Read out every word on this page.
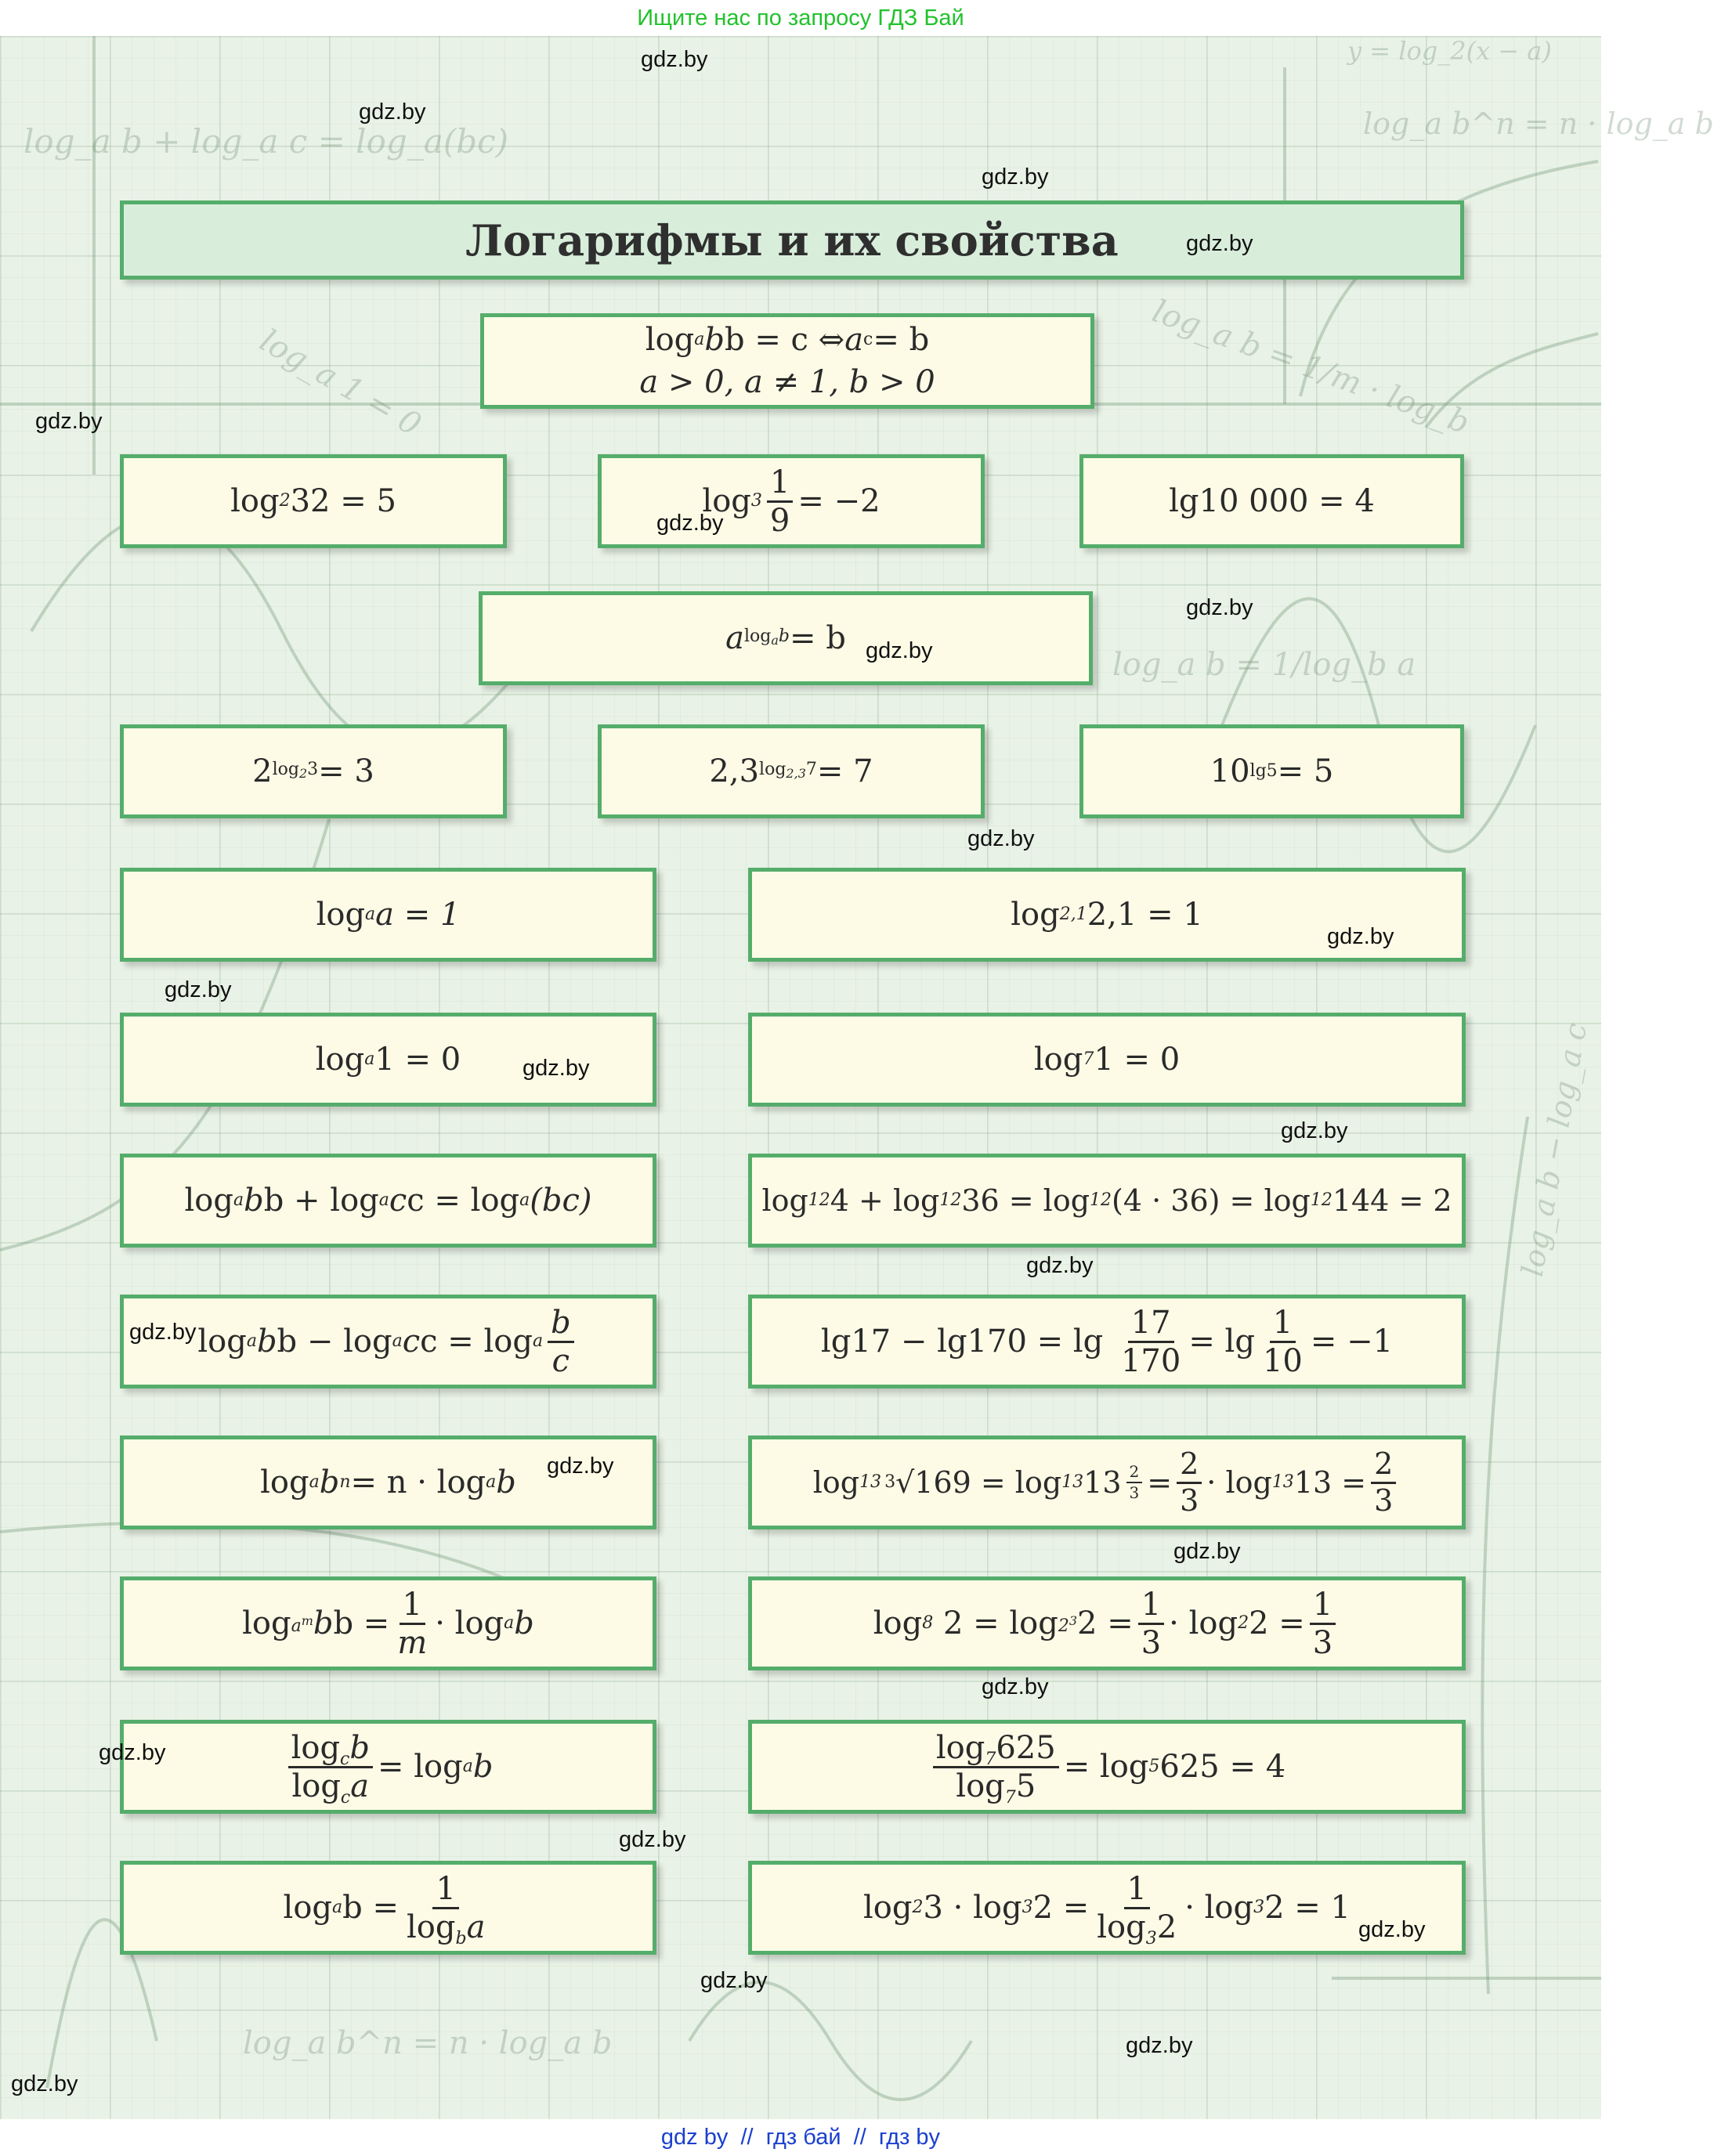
Ищите нас по запросу ГДЗ Бай
log_a b + log_a c = log_a(bc)	log_a b^n = n · log_a b
log_a 1 = 0	log_a b = 1/m · log_b
log_a b = 1/log_b a
log_a b^n = n · log_a b
y = log_2(x − a)
log_a b − log_a c
Логарифмы и их свойства
log a b b = c ⇔ a c = b
a > 0, a ≠ 1, b > 0
log 2 32 = 5	$\log 3 \frac{1}{9} = -2$	lg10 000 = 4
a $\log_ab = b$
2 $\log_23 = 3$	2,3 $\log_{2,3}7 = 7$	10 lg5 = 5
log a a = 1	log 2,1 2,1 = 1
log a 1 = 0	log 7 1 = 0
log a b b + log a c c = log a (bc)	log 12 4 + log 12 36 = log 12 (4 · 36) = log 12 144 = 2
log a b b − log a c c = log a $\frac{b}{c}$	$\lg 17 - \lg 170 = \lg \frac{17}{170} = \lg \frac{1}{10} = -1$
log a b n = n · log a b	log 13 3 √169 = log 13 $13 \frac{2}{3} = \frac{2}{3} \cdot \log 13$ $13 = \frac{2}{3}$
$\log a^m$ b $b = \frac{1}{m} \cdot \log a$ b	log 8 $2 = \log 2^3$ $2 = \frac{1}{3} \cdot \log 2$ $2 = \frac{1}{3}$
$\frac{\log_cb}{\log_ca} = \log a$ b	$\frac{\log_7625}{\log_75} = \log 5$ 625 = 4
log a $b = \frac{1}{\log_ba}$	log 2 3 · log 3 $2 = \frac{1}{\log_32} \cdot \log 3$ 2 = 1
gdz.by
gdz.by
gdz.by
gdz.by
gdz.by
gdz.by
gdz.by
gdz.by
gdz.by
gdz.by
gdz.by
gdz.by
gdz.by
gdz.by
gdz.by
gdz.by
gdz.by
gdz.by
gdz.by
gdz.by
gdz.by
gdz.by
gdz.by
gdz.by
gdz by  //  гдз бай  //  гдз by
